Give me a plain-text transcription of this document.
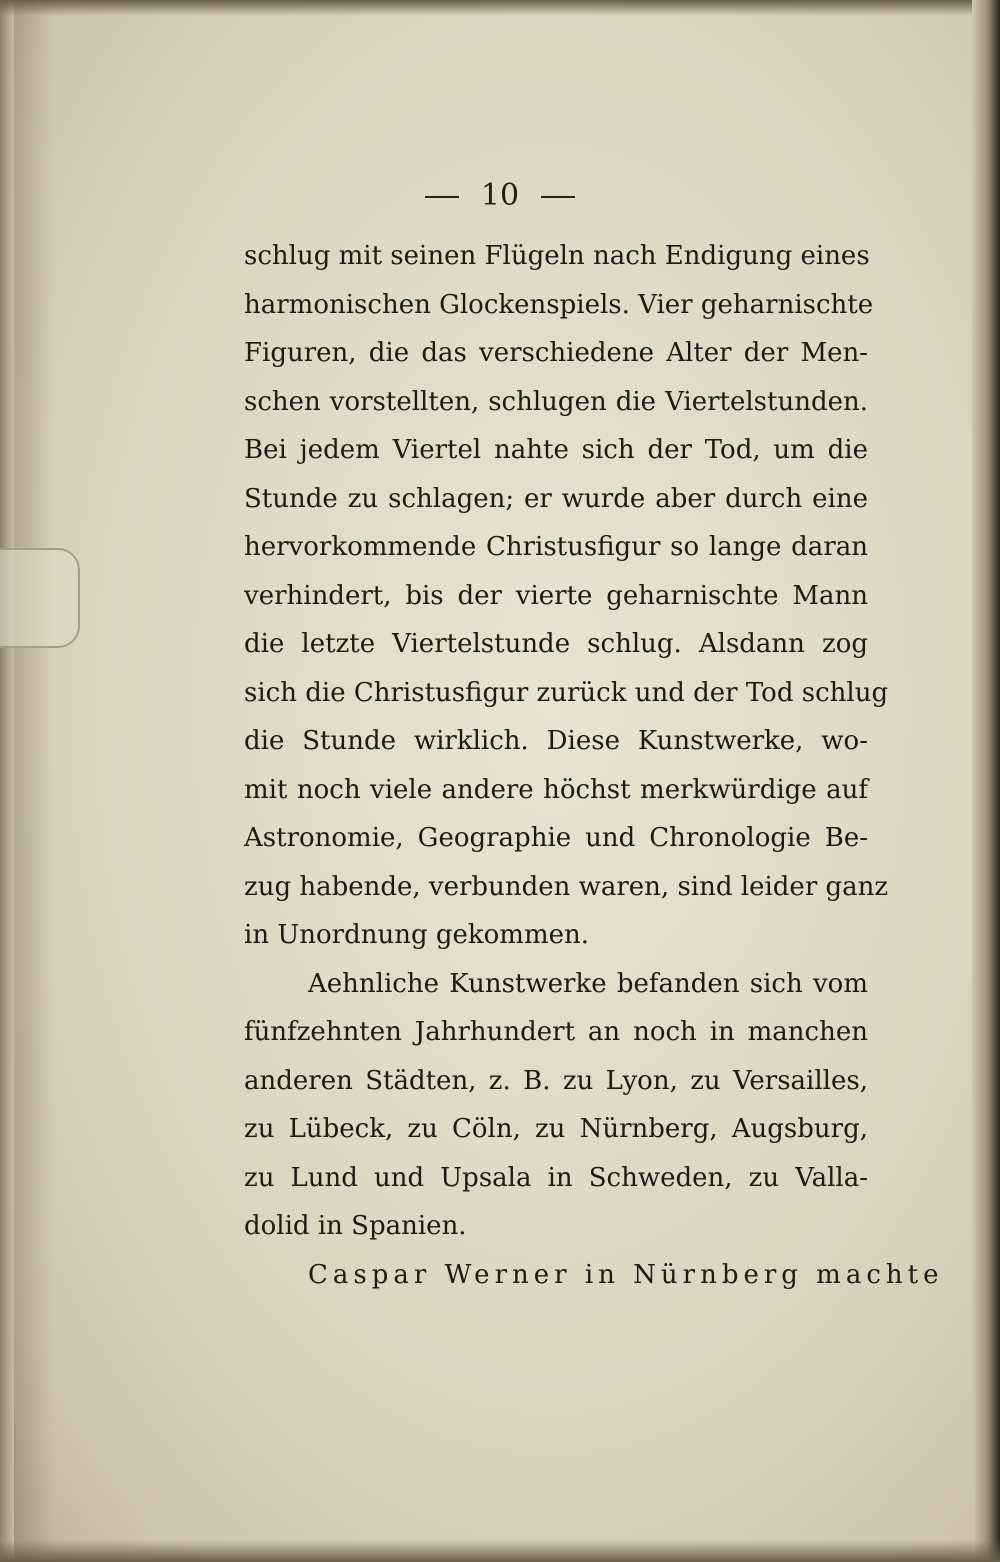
10
schlug mit seinen Flügeln nach Endigung eines
harmonischen Glockenspiels. Vier geharnischte
Figuren, die das verschiedene Alter der Men-
schen vorstellten, schlugen die Viertelstunden.
Bei jedem Viertel nahte sich der Tod, um die
Stunde zu schlagen; er wurde aber durch eine
hervorkommende Christusfigur so lange daran
verhindert, bis der vierte geharnischte Mann
die letzte Viertelstunde schlug. Alsdann zog
sich die Christusfigur zurück und der Tod schlug
die Stunde wirklich. Diese Kunstwerke, wo-
mit noch viele andere höchst merkwürdige auf
Astronomie, Geographie und Chronologie Be-
zug habende, verbunden waren, sind leider ganz
in Unordnung gekommen.
Aehnliche Kunstwerke befanden sich vom
fünfzehnten Jahrhundert an noch in manchen
anderen Städten, z. B. zu Lyon, zu Versailles,
zu Lübeck, zu Cöln, zu Nürnberg, Augsburg,
zu Lund und Upsala in Schweden, zu Valla-
dolid in Spanien.
Caspar Werner in Nürnberg machte
